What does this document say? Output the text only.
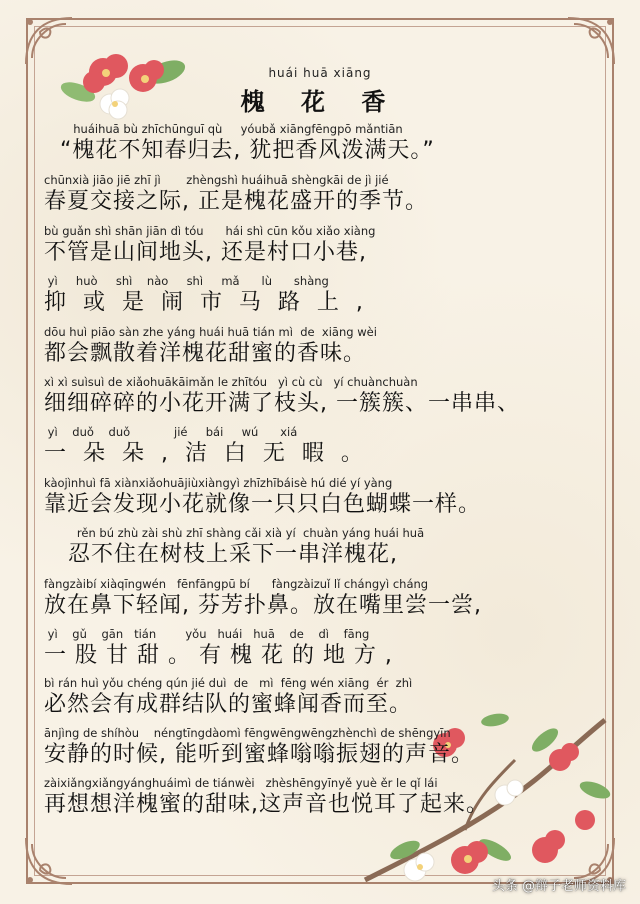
huái huā xiāng
槐 花 香
huáihuā bù zhīchūnguī qù     yóubǎ xiāngfēngpō mǎntiān
“槐花不知春归去, 犹把香风泼满天。”
chūnxià jiāo jiē zhī jì       zhèngshì huáihuā shèngkāi de jì jié
春夏交接之际, 正是槐花盛开的季节。
bù guǎn shì shān jiān dì tóu      hái shì cūn kǒu xiǎo xiàng
不管是山间地头, 还是村口小巷,
yì     huò     shì    nào     shì     mǎ      lù      shàng
抑  或  是  闹  市  马  路  上  ,
dōu huì piāo sàn zhe yáng huái huā tián mì  de  xiāng wèi
都会飘散着洋槐花甜蜜的香味。
xì xì suìsuì de xiǎohuākāimǎn le zhītóu   yì cù cù   yí chuànchuàn
细细碎碎的小花开满了枝头, 一簇簇、一串串、
yì    duǒ    duǒ            jié     bái     wú      xiá
一  朵  朵  ,  洁  白  无  暇  。
kàojìnhuì fā xiànxiǎohuājiùxiàngyì zhīzhībáisè hú dié yí yàng
靠近会发现小花就像一只只白色蝴蝶一样。
rěn bú zhù zài shù zhī shàng cǎi xià yí  chuàn yáng huái huā
忍不住在树枝上采下一串洋槐花,
fàngzàibí xiàqīngwén   fēnfāngpū bí      fàngzàizuǐ lǐ chángyì cháng
放在鼻下轻闻, 芬芳扑鼻。放在嘴里尝一尝,
yì    gǔ    gān   tián        yǒu   huái   huā    de    dì    fāng
一 股 甘 甜 。 有 槐 花 的 地 方 ,
bì rán huì yǒu chéng qún jié duì  de   mì  fēng wén xiāng  ér  zhì
必然会有成群结队的蜜蜂闻香而至。
ānjìng de shíhòu    néngtīngdàomì fēngwēngwēngzhènchì de shēngyīn
安静的时候, 能听到蜜蜂嗡嗡振翅的声音。
zàixiǎngxiǎngyánghuáimì de tiánwèi   zhèshēngyīnyě yuè ěr le qǐ lái
再想想洋槐蜜的甜味,这声音也悦耳了起来。
头条 @辩子老师资料库
